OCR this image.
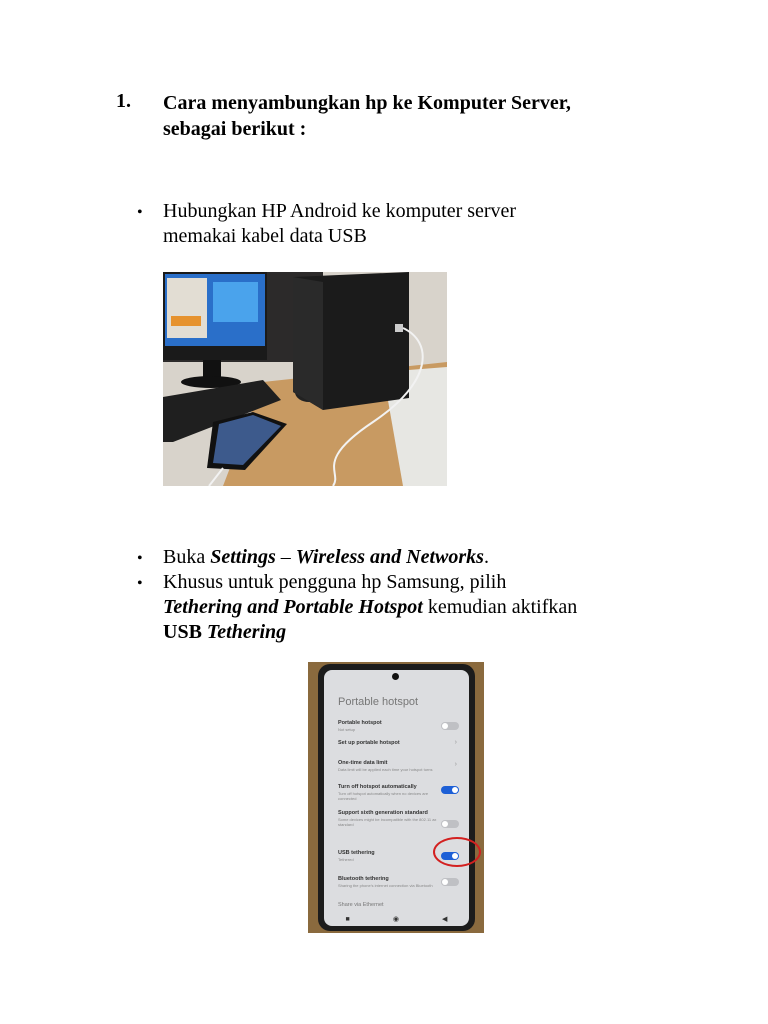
1. Cara menyambungkan hp ke Komputer Server,
sebagai berikut :
• Hubungkan HP Android ke komputer server
memakai kabel data USB
• Buka Settings – Wireless and Networks.
• Khusus untuk pengguna hp Samsung, pilih
Tethering and Portable Hotspot kemudian aktifkan
USB Tethering
Portable hotspot
Portable hotspot
Not setup
Set up portable hotspot	›
One-time data limit
Data limit will be applied each time your hotspot turns
›
Turn off hotspot automatically
Turn off hotspot automatically when no devices are connected
Support sixth generation standard
Some devices might be incompatible with the 802.11 ax standard
USB tethering
Tethered
Bluetooth tethering
Sharing the phone's internet connection via Bluetooth
Share via Ethernet
■	◉	◀
